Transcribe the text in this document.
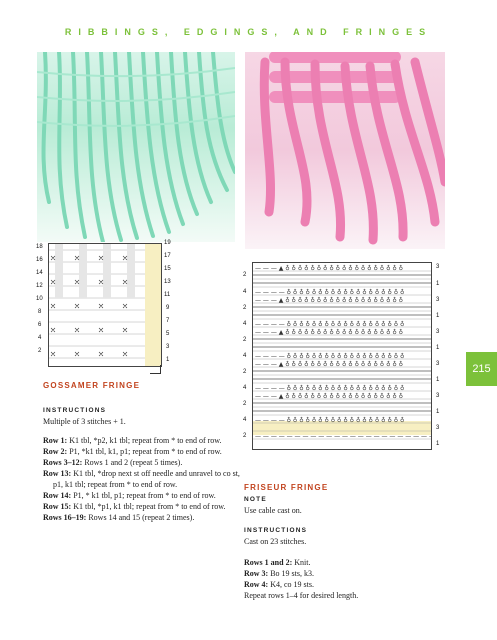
RIBBINGS, EDGINGS, AND FRINGES
18
16
14
12
10
8
6
4
2
19
17
15
13
11
9
7
5
3
1
— — — ▲ ♁ ♁ ♁ ♁ ♁ ♁ ♁ ♁ ♁ ♁ ♁ ♁ ♁ ♁ ♁ ♁ ♁ ♁ ♁
— — — — ♁ ♁ ♁ ♁ ♁ ♁ ♁ ♁ ♁ ♁ ♁ ♁ ♁ ♁ ♁ ♁ ♁ ♁ ♁
— — — ▲ ♁ ♁ ♁ ♁ ♁ ♁ ♁ ♁ ♁ ♁ ♁ ♁ ♁ ♁ ♁ ♁ ♁ ♁ ♁
— — — — ♁ ♁ ♁ ♁ ♁ ♁ ♁ ♁ ♁ ♁ ♁ ♁ ♁ ♁ ♁ ♁ ♁ ♁ ♁
— — — ▲ ♁ ♁ ♁ ♁ ♁ ♁ ♁ ♁ ♁ ♁ ♁ ♁ ♁ ♁ ♁ ♁ ♁ ♁ ♁
— — — — ♁ ♁ ♁ ♁ ♁ ♁ ♁ ♁ ♁ ♁ ♁ ♁ ♁ ♁ ♁ ♁ ♁ ♁ ♁
— — — ▲ ♁ ♁ ♁ ♁ ♁ ♁ ♁ ♁ ♁ ♁ ♁ ♁ ♁ ♁ ♁ ♁ ♁ ♁ ♁
— — — — ♁ ♁ ♁ ♁ ♁ ♁ ♁ ♁ ♁ ♁ ♁ ♁ ♁ ♁ ♁ ♁ ♁ ♁ ♁
— — — ▲ ♁ ♁ ♁ ♁ ♁ ♁ ♁ ♁ ♁ ♁ ♁ ♁ ♁ ♁ ♁ ♁ ♁ ♁ ♁
— — — — ♁ ♁ ♁ ♁ ♁ ♁ ♁ ♁ ♁ ♁ ♁ ♁ ♁ ♁ ♁ ♁ ♁ ♁ ♁
— — — — — — — — — — — — — — — — — — — — — — —
2
4
2
4
2
4
2
4
2
4
2
3
1
3
1
3
1
3
1
3
1
3
1
215
GOSSAMER FRINGE
INSTRUCTIONS
Multiple of 3 stitches + 1.
Row 1: K1 tbl, *p2, k1 tbl; repeat from * to end of row.
Row 2: P1, *k1 tbl, k1, p1; repeat from * to end of row.
Rows 3–12: Rows 1 and 2 (repeat 5 times).
Row 13: K1 tbl, *drop next st off needle and unravel to co st,
p1, k1 tbl; repeat from * to end of row.
Row 14: P1, * k1 tbl, p1; repeat from * to end of row.
Row 15: K1 tbl, *p1, k1 tbl; repeat from * to end of row.
Rows 16–19: Rows 14 and 15 (repeat 2 times).
FRISEUR FRINGE
NOTE
Use cable cast on.
INSTRUCTIONS
Cast on 23 stitches.
Rows 1 and 2: Knit.
Row 3: Bo 19 sts, k3.
Row 4: K4, co 19 sts.
Repeat rows 1–4 for desired length.
